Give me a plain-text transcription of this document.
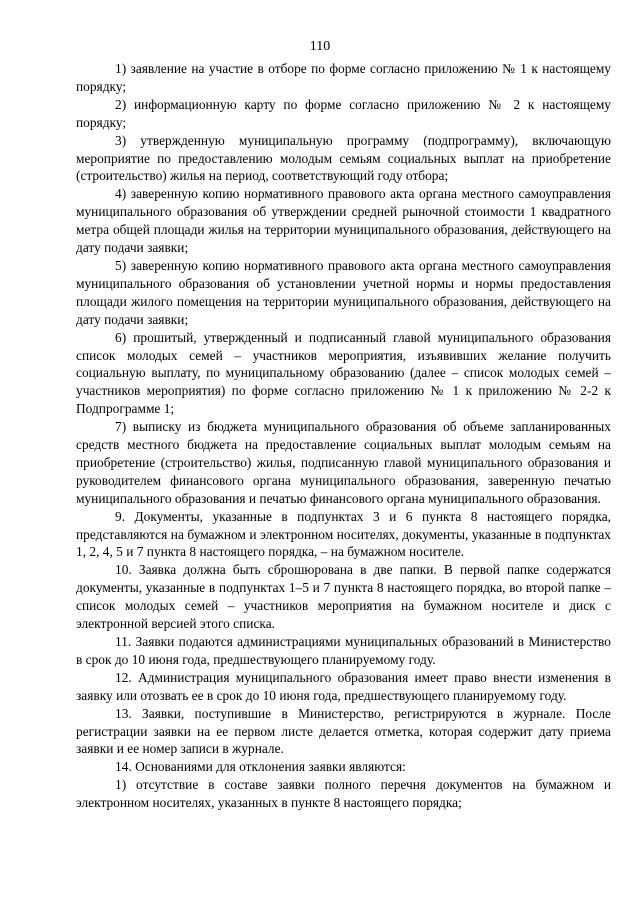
110

1) заявление на участие в отборе по форме согласно приложению № 1 к настоящему порядку;

2) информационную карту по форме согласно приложению № 2 к настоящему порядку;

3) утвержденную муниципальную программу (подпрограмму), включающую мероприятие по предоставлению молодым семьям социальных выплат на приобретение (строительство) жилья на период, соответствующий году отбора;

4) заверенную копию нормативного правового акта органа местного самоуправления муниципального образования об утверждении средней рыночной стоимости 1 квадратного метра общей площади жилья на территории муниципального образования, действующего на дату подачи заявки;

5) заверенную копию нормативного правового акта органа местного самоуправления муниципального образования об установлении учетной нормы и нормы предоставления площади жилого помещения на территории муниципального образования, действующего на дату подачи заявки;

6) прошитый, утвержденный и подписанный главой муниципального образования список молодых семей – участников мероприятия, изъявивших желание получить социальную выплату, по муниципальному образованию (далее – список молодых семей – участников мероприятия) по форме согласно приложению № 1 к приложению № 2-2 к Подпрограмме 1;

7) выписку из бюджета муниципального образования об объеме запланированных средств местного бюджета на предоставление социальных выплат молодым семьям на приобретение (строительство) жилья, подписанную главой муниципального образования и руководителем финансового органа муниципального образования, заверенную печатью муниципального образования и печатью финансового органа муниципального образования.

9. Документы, указанные в подпунктах 3 и 6 пункта 8 настоящего порядка, представляются на бумажном и электронном носителях, документы, указанные в подпунктах 1, 2, 4, 5 и 7 пункта 8 настоящего порядка, – на бумажном носителе.

10. Заявка должна быть сброшюрована в две папки. В первой папке содержатся документы, указанные в подпунктах 1–5 и 7 пункта 8 настоящего порядка, во второй папке – список молодых семей – участников мероприятия на бумажном носителе и диск с электронной версией этого списка.

11. Заявки подаются администрациями муниципальных образований в Министерство в срок до 10 июня года, предшествующего планируемому году.

12. Администрация муниципального образования имеет право внести изменения в заявку или отозвать ее в срок до 10 июня года, предшествующего планируемому году.

13. Заявки, поступившие в Министерство, регистрируются в журнале. После регистрации заявки на ее первом листе делается отметка, которая содержит дату приема заявки и ее номер записи в журнале.

14. Основаниями для отклонения заявки являются:

1) отсутствие в составе заявки полного перечня документов на бумажном и электронном носителях, указанных в пункте 8 настоящего порядка;
